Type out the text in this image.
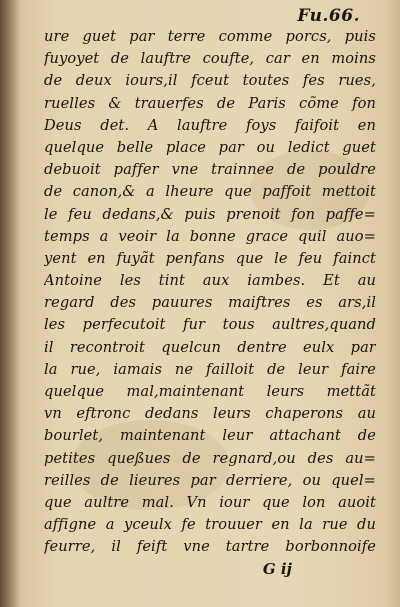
Fu.66.
ure guet par terre comme porcs, puis
fuyoyet de lauftre coufte, car en moins
de deux iours,il fceut toutes fes rues,
ruelles & trauerfes de Paris cõme fon
Deus det. A lauftre foys faifoit en
quelque belle place par ou ledict guet
debuoit paffer vne trainnee de pouldre
de canon,& a lheure que paffoit mettoit
le feu dedans,& puis prenoit fon paffe=
temps a veoir la bonne grace quil auo=
yent en fuyãt penfans que le feu fainct
Antoine les tint aux iambes. Et au
regard des pauures maiftres es ars,il
les perfecutoit fur tous aultres,quand
il recontroit quelcun dentre eulx par
la rue, iamais ne failloit de leur faire
quelque mal,maintenant leurs mettãt
vn eftronc dedans leurs chaperons au
bourlet, maintenant leur attachant de
petites queßues de regnard,ou des au=
reilles de lieures par derriere, ou quel=
que aultre mal. Vn iour que lon auoit
affigne a yceulx fe trouuer en la rue du
feurre, il feift vne tartre borbonnoife
G ij
